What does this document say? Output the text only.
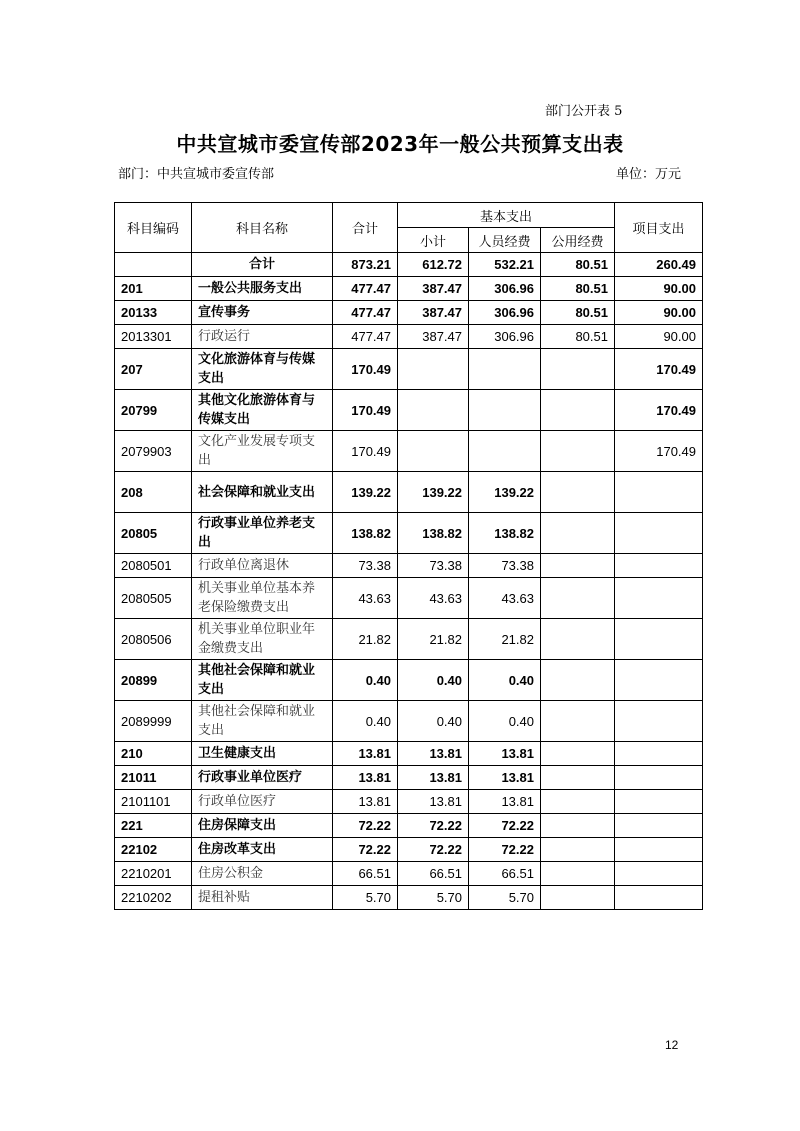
部门公开表 5
中共宣城市委宣传部2023年一般公共预算支出表
部门：中共宣城市委宣传部	单位：万元
科目编码	科目名称	合计	基本支出			项目支出
			小计	人员经费	公用经费	
	合计	873.21	612.72	532.21	80.51	260.49
201	一般公共服务支出	477.47	387.47	306.96	80.51	90.00
20133	宣传事务	477.47	387.47	306.96	80.51	90.00
2013301	行政运行	477.47	387.47	306.96	80.51	90.00
207	文化旅游体育与传媒支出	170.49				170.49
20799	其他文化旅游体育与传媒支出	170.49				170.49
2079903	文化产业发展专项支出	170.49				170.49
208	社会保障和就业支出	139.22	139.22	139.22		
20805	行政事业单位养老支出	138.82	138.82	138.82		
2080501	行政单位离退休	73.38	73.38	73.38		
2080505	机关事业单位基本养老保险缴费支出	43.63	43.63	43.63		
2080506	机关事业单位职业年金缴费支出	21.82	21.82	21.82		
20899	其他社会保障和就业支出	0.40	0.40	0.40		
2089999	其他社会保障和就业支出	0.40	0.40	0.40		
210	卫生健康支出	13.81	13.81	13.81		
21011	行政事业单位医疗	13.81	13.81	13.81		
2101101	行政单位医疗	13.81	13.81	13.81		
221	住房保障支出	72.22	72.22	72.22		
22102	住房改革支出	72.22	72.22	72.22		
2210201	住房公积金	66.51	66.51	66.51		
2210202	提租补贴	5.70	5.70	5.70		
12
